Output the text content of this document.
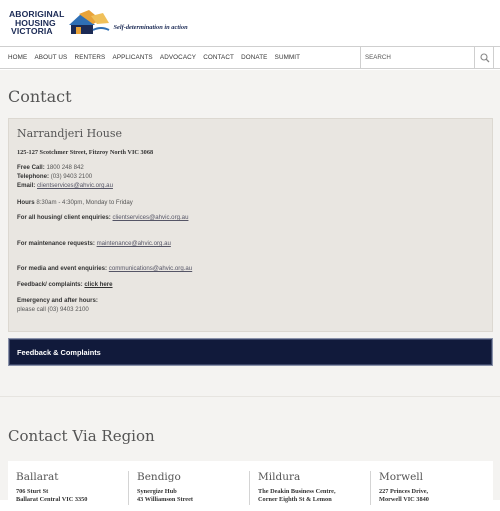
ABORIGINAL
HOUSING
VICTORIA	Self-determination in action
HOME ABOUT US RENTERS APPLICANTS ADVOCACY CONTACT DONATE SUMMIT
SEARCH
Contact
Narrandjeri House
125-127 Scotchmer Street, Fitzroy North VIC 3068
Free Call: 1800 248 842
Telephone: (03) 9403 2100
Email: clientservices@ahvic.org.au
Hours 8:30am - 4:30pm, Monday to Friday
For all housing/ client enquiries: clientservices@ahvic.org.au
For maintenance requests: maintenance@ahvic.org.au
For media and event enquiries: communications@ahvic.org.au
Feedback/ complaints: click here
Emergency and after hours:
please call (03) 9403 2100
Feedback & Complaints
Contact Via Region
Ballarat
706 Sturt St
Ballarat Central VIC 3350
Bendigo
Synergize Hub
43 Williamson Street
Mildura
The Deakin Business Centre,
Corner Eighth St & Lemon
Morwell
227 Princes Drive,
Morwell VIC 3840
